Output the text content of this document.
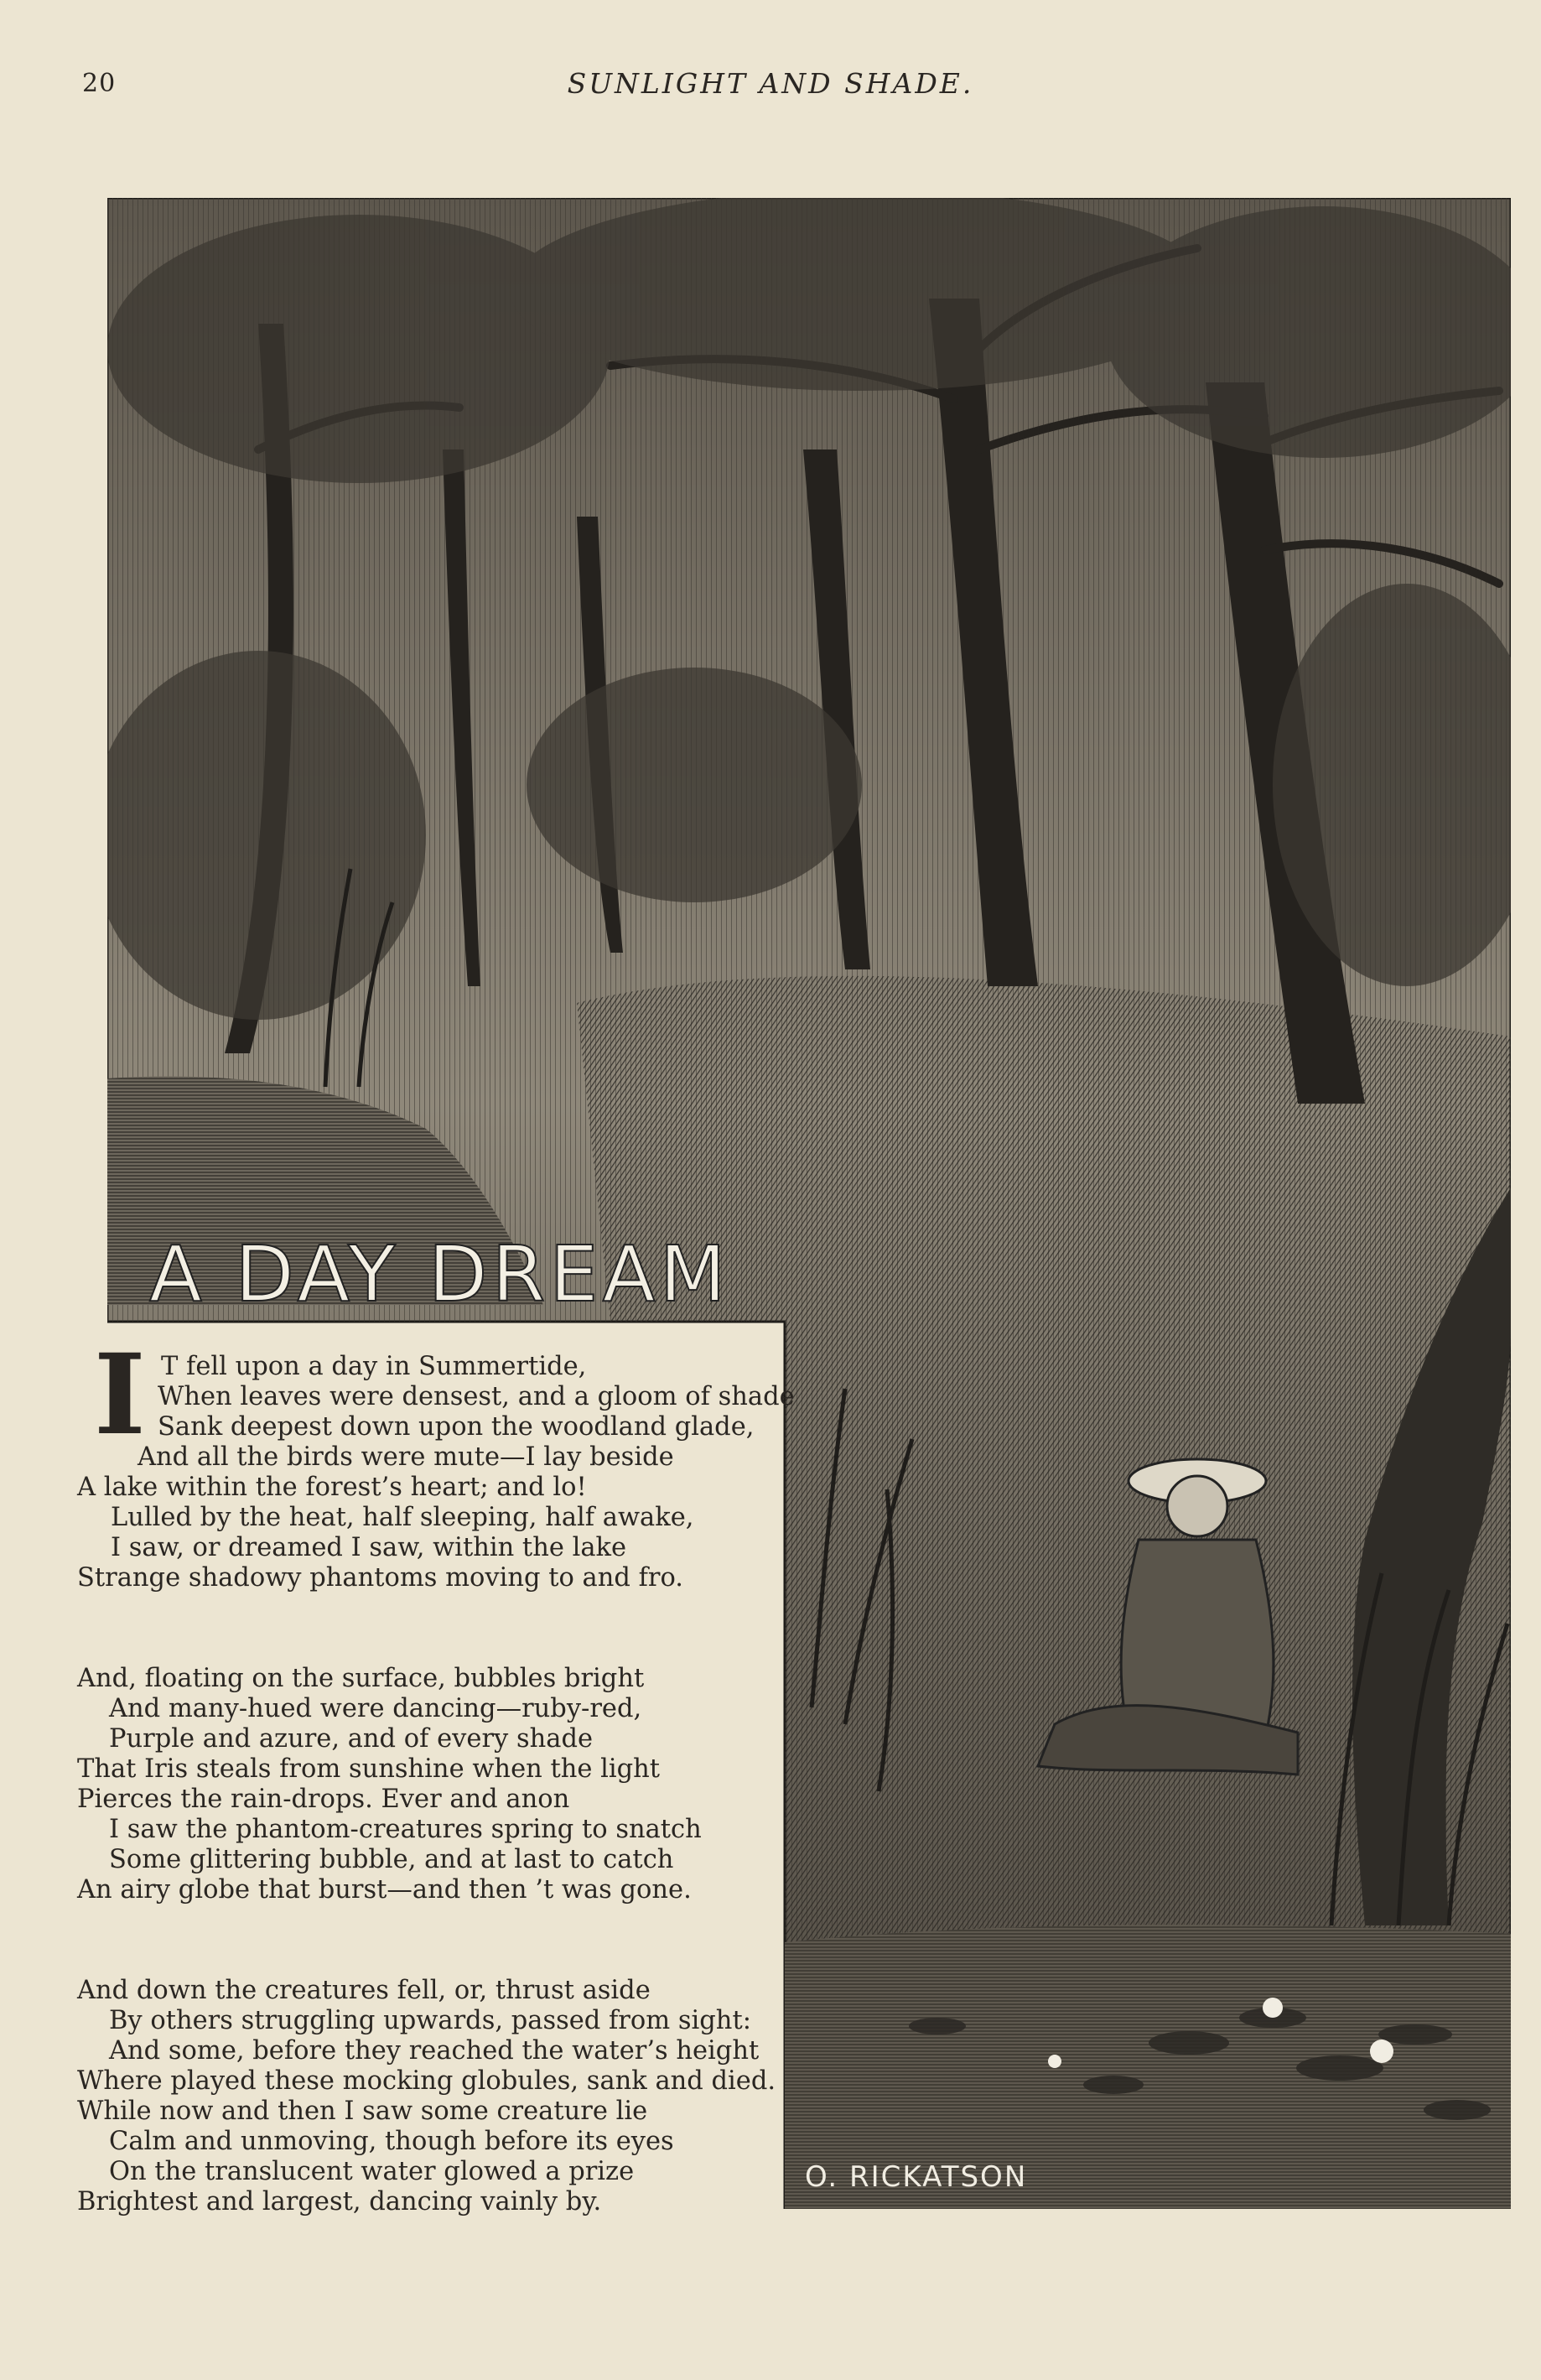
20	SUNLIGHT AND SHADE.
A DAY DREAM
O. RICKATSON
I T fell upon a day in Summertide,
When leaves were densest, and a gloom of shade
Sank deepest down upon the woodland glade,
And all the birds were mute—I lay beside
A lake within the forest’s heart; and lo!
Lulled by the heat, half sleeping, half awake,
I saw, or dreamed I saw, within the lake
Strange shadowy phantoms moving to and fro.
And, floating on the surface, bubbles bright
And many-hued were dancing—ruby-red,
Purple and azure, and of every shade
That Iris steals from sunshine when the light
Pierces the rain-drops. Ever and anon
I saw the phantom-creatures spring to snatch
Some glittering bubble, and at last to catch
An airy globe that burst—and then ’t was gone.
And down the creatures fell, or, thrust aside
By others struggling upwards, passed from sight:
And some, before they reached the water’s height
Where played these mocking globules, sank and died.
While now and then I saw some creature lie
Calm and unmoving, though before its eyes
On the translucent water glowed a prize
Brightest and largest, dancing vainly by.
